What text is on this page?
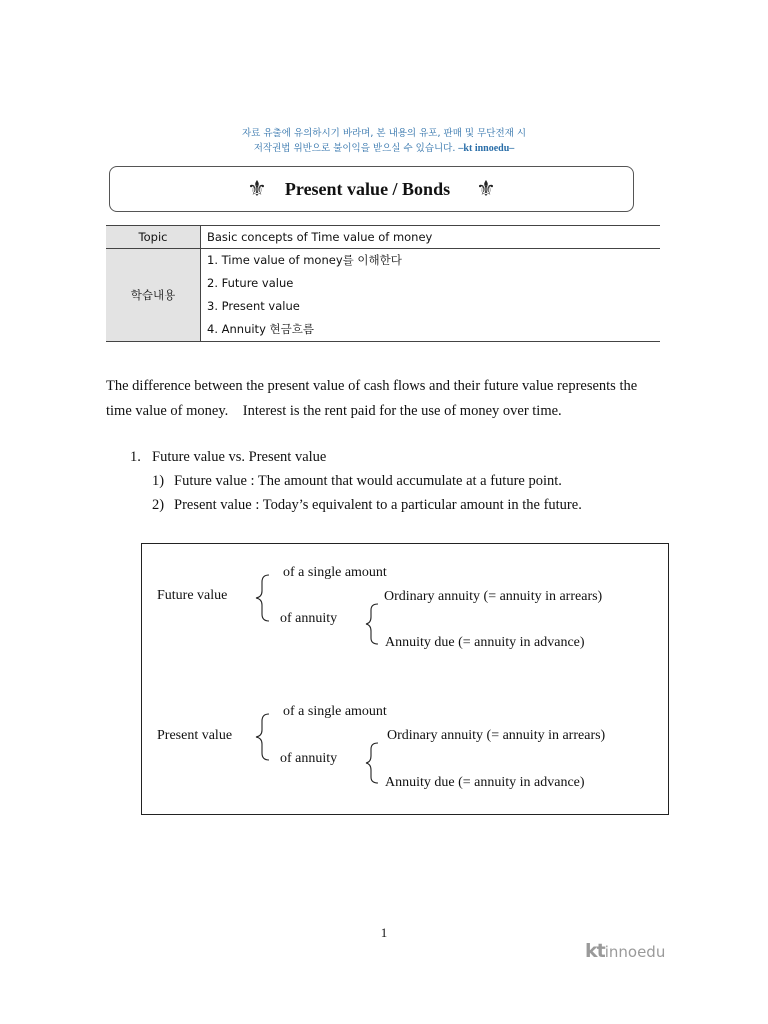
자료 유출에 유의하시기 바라며, 본 내용의 유포, 판매 및 무단전재 시
저작권법 위반으로 불이익을 받으실 수 있습니다. –kt innoedu–
⚜ Present value / Bonds ⚜
Topic	Basic concepts of Time value of money
학습내용	1. Time value of money를 이해한다
2. Future value
3. Present value
4. Annuity 현금흐름
The difference between the present value of cash flows and their future value represents the
time value of money.    Interest is the rent paid for the use of money over time.
1. Future value vs. Present value
1) Future value : The amount that would accumulate at a future point.
2) Present value : Today’s equivalent to a particular amount in the future.
Future value
of a single amount
of annuity
Ordinary annuity (= annuity in arrears)
Annuity due (= annuity in advance)
Present value
of a single amount
of annuity
Ordinary annuity (= annuity in arrears)
Annuity due (= annuity in advance)
1
ktinnoedu
